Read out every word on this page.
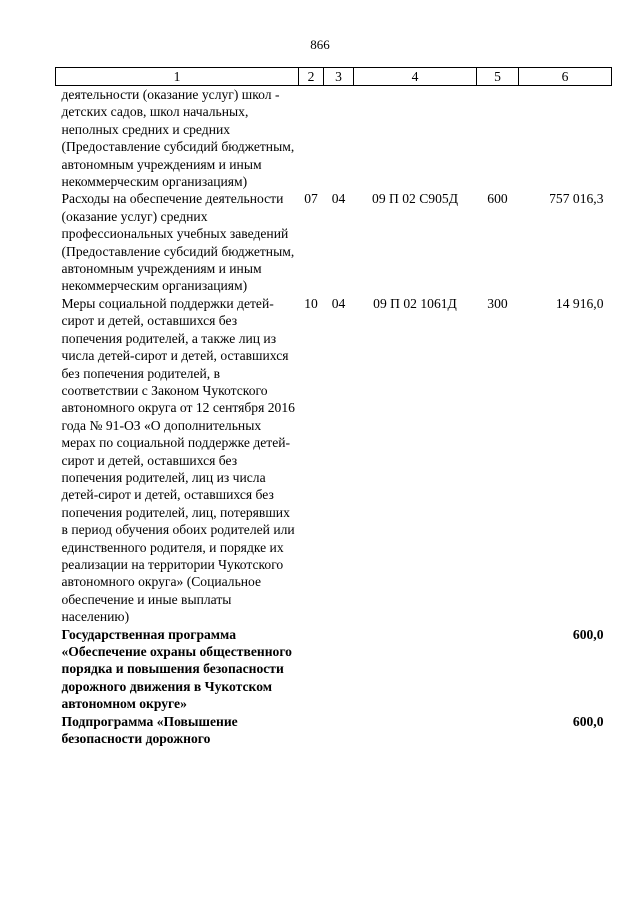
866
1	2	3	4	5	6
деятельности (оказание услуг) школ - детских садов, школ начальных, неполных средних и средних (Предоставление субсидий бюджетным, автономным учреждениям и иным некоммерческим организациям)					
Расходы на обеспечение деятельности (оказание услуг) средних профессиональных учебных заведений (Предоставление субсидий бюджетным, автономным учреждениям и иным некоммерческим организациям)	07	04	09 П 02 С905Д	600	757 016,3
Меры социальной поддержки детей-сирот и детей, оставшихся без попечения родителей, а также лиц из числа детей-сирот и детей, оставшихся без попечения родителей, в соответствии с Законом Чукотского автономного округа от 12 сентября 2016 года № 91-ОЗ «О дополнительных мерах по социальной поддержке детей-сирот и детей, оставшихся без попечения родителей, лиц из числа детей-сирот и детей, оставшихся без попечения родителей, лиц, потерявших в период обучения обоих родителей или единственного родителя, и порядке их реализации на территории Чукотского автономного округа» (Социальное обеспечение и иные выплаты населению)	10	04	09 П 02 1061Д	300	14 916,0
Государственная программа «Обеспечение охраны общественного порядка и повышения безопасности дорожного движения в Чукотском автономном округе»					600,0
Подпрограмма «Повышение безопасности дорожного					600,0
